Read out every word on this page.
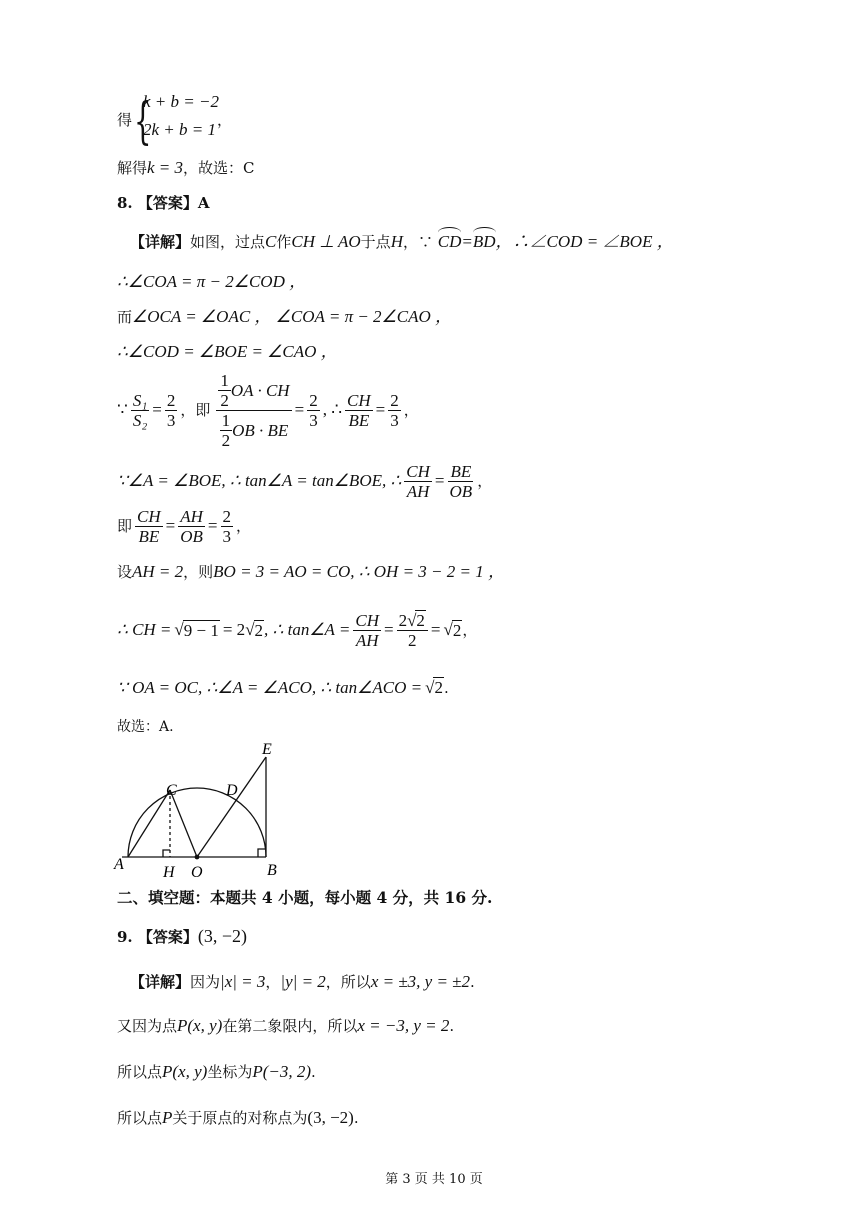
得 {
k + b = −2
2k + b = 1 ，
解得k = 3，故选：C
8. 【答案】A
【详解】如图，过点C作CH ⊥ AO于点H，∵ CD=BD，∴∠COD = ∠BOE ，
∴∠COA = π − 2∠COD ，
而∠OCA = ∠OAC ， ∠COA = π − 2∠CAO ，
∴∠COD = ∠BOE = ∠CAO ，
∵ $\frac{\text{S₁}}{\text{S₂}} = \frac{2}{3}$ ，即 $\frac{\frac{1}{2} OA \cdot CH}{\frac{1}{2} OB \cdot BE} = \frac{2}{3}$ , ∴ $\frac{CH}{BE} = \frac{2}{3}$ ，
∵∠A = ∠BOE, ∴ tan∠A = tan∠BOE, ∴ $\frac{CH}{AH} = \frac{BE}{OB}$ ，
即 $\frac{CH}{BE} = \frac{AH}{OB} = \frac{2}{3}$ ，
设AH = 2，则BO = 3 = AO = CO, ∴ OH = 3 − 2 = 1 ，
∴ CH = √ 9 − 1 = 2 √ 2 , ∴ tan∠A = $\frac{CH}{AH} = \frac{2√2}{2}$ = √ 2 ，
∵ OA = OC, ∴∠A = ∠ACO, ∴ tan∠ACO = √2.
故选：A.
A	B
C	D
E
H O
二、填空题：本题共 4 小题，每小题 4 分，共 16 分.
9. 【答案】(3, −2)
【详解】因为|x| = 3，|y| = 2，所以x = ±3, y = ±2.
又因为点P(x, y)在第二象限内，所以x = −3, y = 2.
所以点P(x, y)坐标为P(−3, 2).
所以点P关于原点的对称点为(3, −2).
第 3 页 共 10 页
